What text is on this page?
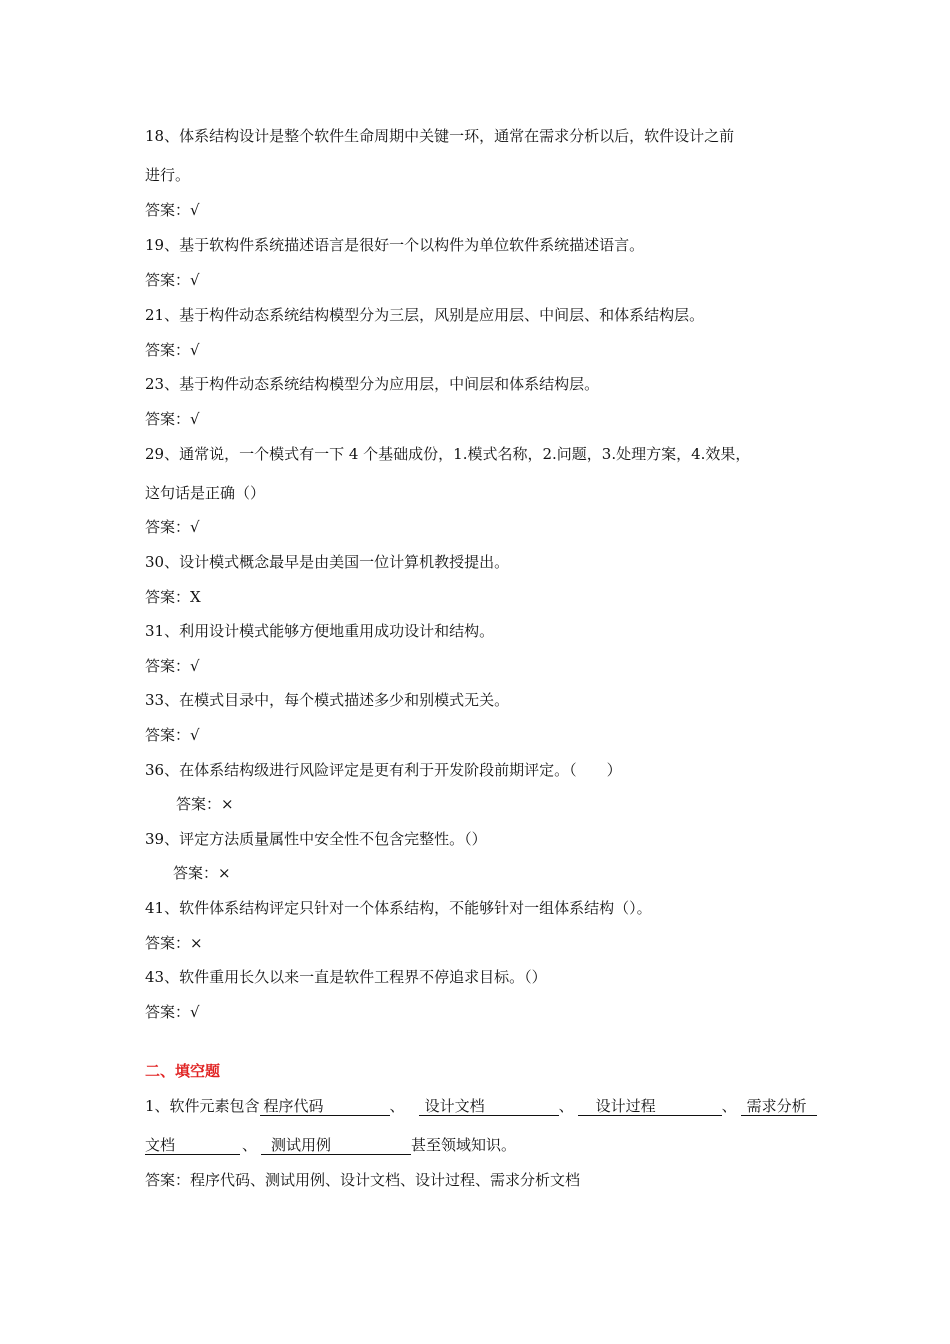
18、体系结构设计是整个软件生命周期中关键一环，通常在需求分析以后，软件设计之前
进行。
答案：√
19、基于软构件系统描述语言是很好一个以构件为单位软件系统描述语言。
答案：√
21、基于构件动态系统结构模型分为三层，风别是应用层、中间层、和体系结构层。
答案：√
23、基于构件动态系统结构模型分为应用层，中间层和体系结构层。
答案：√
29、通常说，一个模式有一下 4 个基础成份，1.模式名称，2.问题，3.处理方案，4.效果，
这句话是正确（）
答案：√
30、设计模式概念最早是由美国一位计算机教授提出。
答案：X
31、利用设计模式能够方便地重用成功设计和结构。
答案：√
33、在模式目录中，每个模式描述多少和别模式无关。
答案：√
36、在体系结构级进行风险评定是更有利于开发阶段前期评定。（　　）
答案：×
39、评定方法质量属性中安全性不包含完整性。（）
答案：×
41、软件体系结构评定只针对一个体系结构，不能够针对一组体系结构（）。
答案：×
43、软件重用长久以来一直是软件工程界不停追求目标。（）
答案：√
二、填空题
1、软件元素包含 程序代码	、 设计文档	、 设计过程	、 需求分析
文档	、 测试用例	甚至领域知识。
答案：程序代码、测试用例、设计文档、设计过程、需求分析文档
